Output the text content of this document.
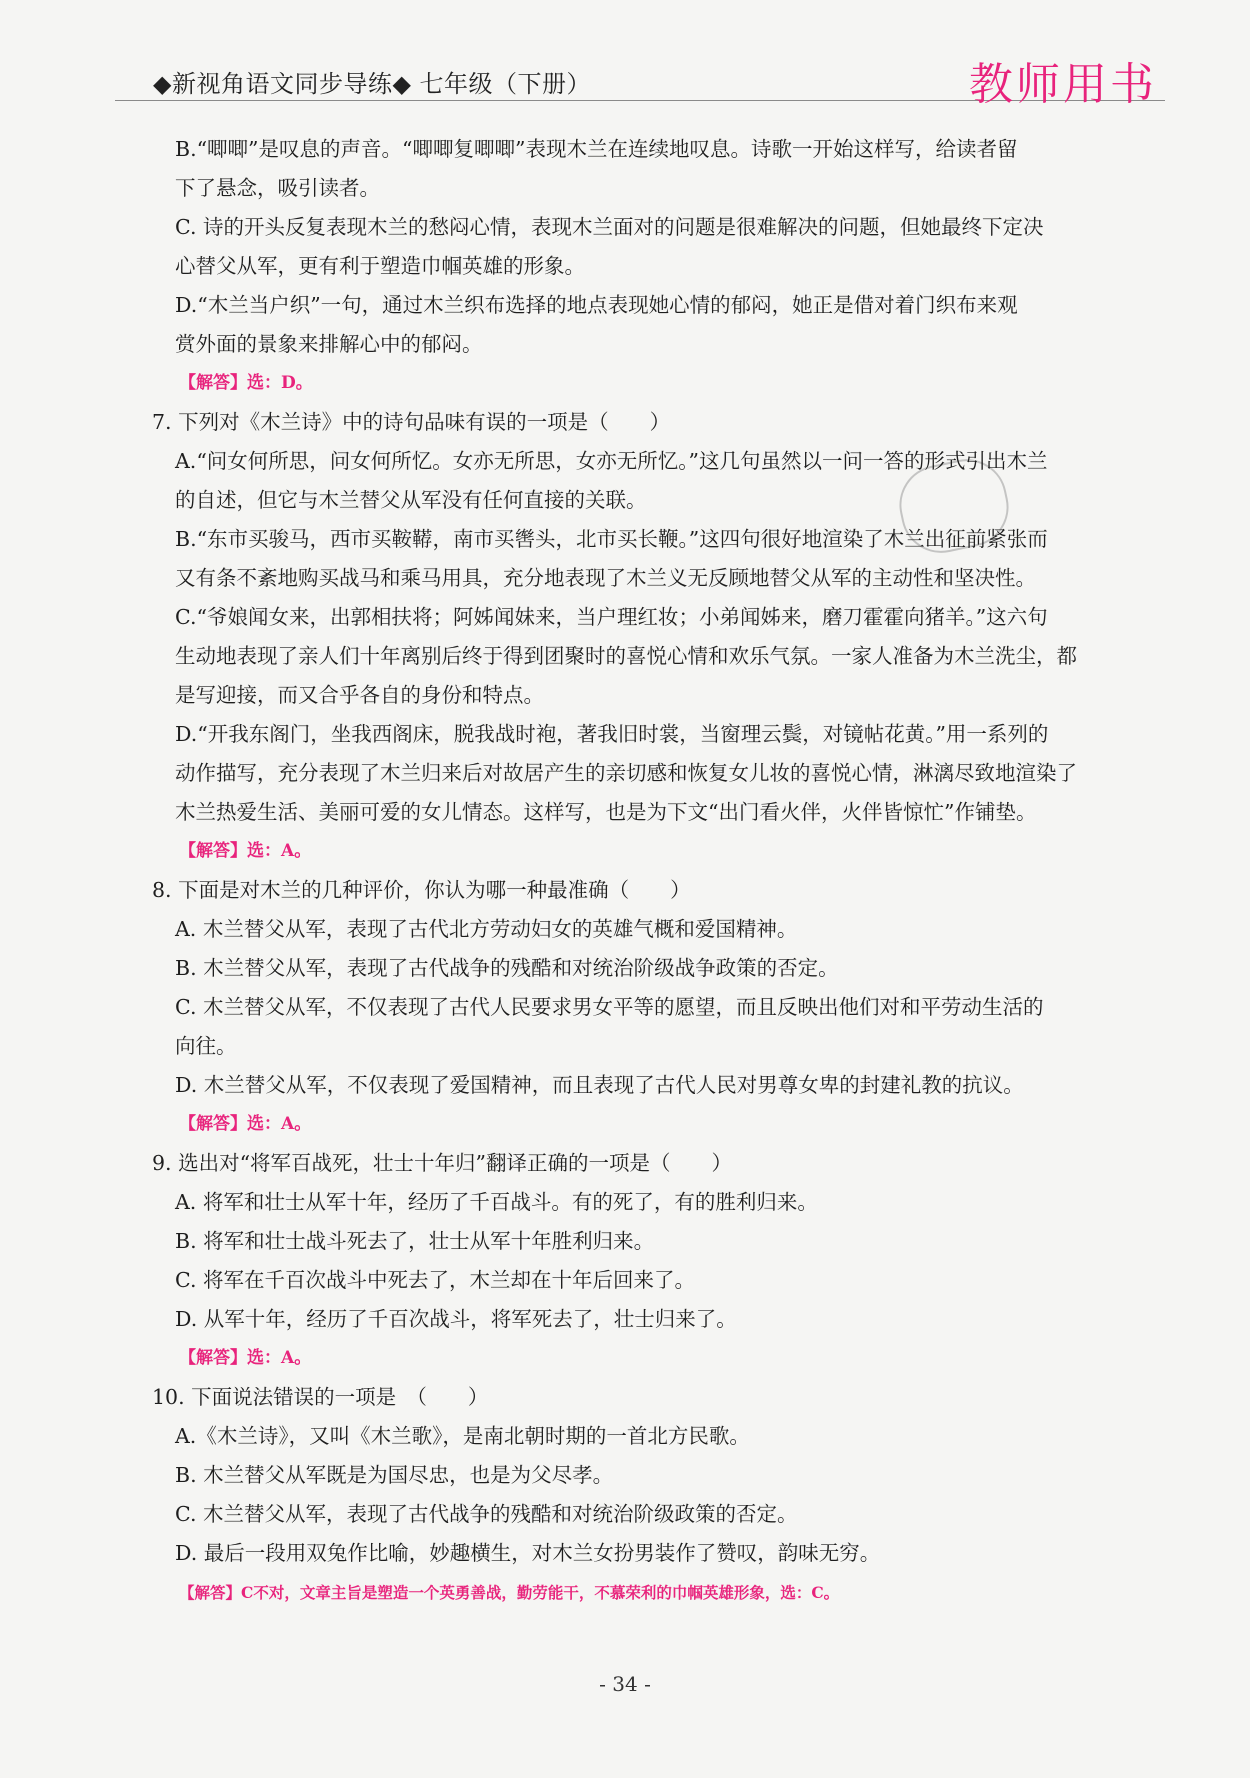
◆新视角语文同步导练◆ 七年级（下册）	教师用书
B.“唧唧”是叹息的声音。“唧唧复唧唧”表现木兰在连续地叹息。诗歌一开始这样写，给读者留
下了悬念，吸引读者。
C. 诗的开头反复表现木兰的愁闷心情，表现木兰面对的问题是很难解决的问题，但她最终下定决
心替父从军，更有利于塑造巾帼英雄的形象。
D.“木兰当户织”一句，通过木兰织布选择的地点表现她心情的郁闷，她正是借对着门织布来观
赏外面的景象来排解心中的郁闷。
【解答】选：D。
7. 下列对《木兰诗》中的诗句品味有误的一项是（　　）
A.“问女何所思，问女何所忆。女亦无所思，女亦无所忆。”这几句虽然以一问一答的形式引出木兰
的自述，但它与木兰替父从军没有任何直接的关联。
B.“东市买骏马，西市买鞍鞯，南市买辔头，北市买长鞭。”这四句很好地渲染了木兰出征前紧张而
又有条不紊地购买战马和乘马用具，充分地表现了木兰义无反顾地替父从军的主动性和坚决性。
C.“爷娘闻女来，出郭相扶将；阿姊闻妹来，当户理红妆；小弟闻姊来，磨刀霍霍向猪羊。”这六句
生动地表现了亲人们十年离别后终于得到团聚时的喜悦心情和欢乐气氛。一家人准备为木兰洗尘，都
是写迎接，而又合乎各自的身份和特点。
D.“开我东阁门，坐我西阁床，脱我战时袍，著我旧时裳，当窗理云鬓，对镜帖花黄。”用一系列的
动作描写，充分表现了木兰归来后对故居产生的亲切感和恢复女儿妆的喜悦心情，淋漓尽致地渲染了
木兰热爱生活、美丽可爱的女儿情态。这样写，也是为下文“出门看火伴，火伴皆惊忙”作铺垫。
【解答】选：A。
8. 下面是对木兰的几种评价，你认为哪一种最准确（　　）
A. 木兰替父从军，表现了古代北方劳动妇女的英雄气概和爱国精神。
B. 木兰替父从军，表现了古代战争的残酷和对统治阶级战争政策的否定。
C. 木兰替父从军，不仅表现了古代人民要求男女平等的愿望，而且反映出他们对和平劳动生活的
向往。
D. 木兰替父从军，不仅表现了爱国精神，而且表现了古代人民对男尊女卑的封建礼教的抗议。
【解答】选：A。
9. 选出对“将军百战死，壮士十年归”翻译正确的一项是（　　）
A. 将军和壮士从军十年，经历了千百战斗。有的死了，有的胜利归来。
B. 将军和壮士战斗死去了，壮士从军十年胜利归来。
C. 将军在千百次战斗中死去了，木兰却在十年后回来了。
D. 从军十年，经历了千百次战斗，将军死去了，壮士归来了。
【解答】选：A。
10. 下面说法错误的一项是　（　　）
A.《木兰诗》，又叫《木兰歌》，是南北朝时期的一首北方民歌。
B. 木兰替父从军既是为国尽忠，也是为父尽孝。
C. 木兰替父从军，表现了古代战争的残酷和对统治阶级政策的否定。
D. 最后一段用双兔作比喻，妙趣横生，对木兰女扮男装作了赞叹，韵味无穷。
【解答】C不对，文章主旨是塑造一个英勇善战，勤劳能干，不慕荣利的巾帼英雄形象，选：C。
- 34 -
